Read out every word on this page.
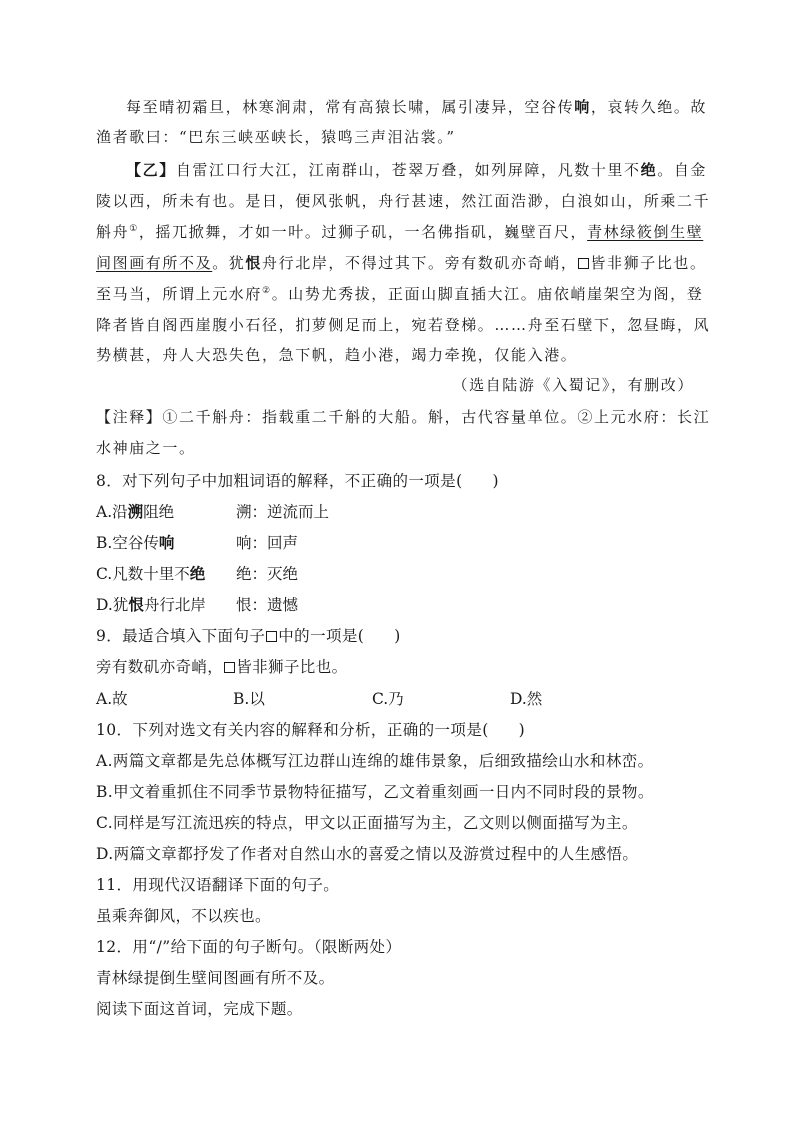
每至晴初霜旦，林寒涧肃，常有高猿长啸，属引凄异，空谷传响，哀转久绝。故
渔者歌曰：“巴东三峡巫峡长，猿鸣三声泪沾裳。”
【乙】自雷江口行大江，江南群山，苍翠万叠，如列屏障，凡数十里不绝。自金
陵以西，所未有也。是日，便风张帆，舟行甚速，然江面浩渺，白浪如山，所乘二千
斛舟①，摇兀掀舞，才如一叶。过狮子矶，一名佛指矶，巍壁百尺，青林绿筱倒生壁
间图画有所不及。犹恨舟行北岸，不得过其下。旁有数矶亦奇峭， 皆非狮子比也。
至马当，所谓上元水府②。山势尤秀拔，正面山脚直插大江。庙依峭崖架空为阁，登
降者皆自阁西崖腹小石径，扪萝侧足而上，宛若登梯。……舟至石壁下，忽昼晦，风
势横甚，舟人大恐失色，急下帆，趋小港，竭力牵挽，仅能入港。
（选自陆游《入蜀记》，有删改）
【注释】①二千斛舟：指载重二千斛的大船。斛，古代容量单位。②上元水府：长江
水神庙之一。
8．对下列句子中加粗词语的解释，不正确的一项是( )
A.沿溯阻绝	溯：逆流而上
B.空谷传响	响：回声
C.凡数十里不绝 绝：灭绝
D.犹恨舟行北岸 恨：遗憾
9．最适合填入下面句子 中的一项是( )
旁有数矶亦奇峭， 皆非狮子比也。
A.故	B.以	C.乃	D.然
10．下列对选文有关内容的解释和分析，正确的一项是( )
A.两篇文章都是先总体概写江边群山连绵的雄伟景象，后细致描绘山水和林峦。
B.甲文着重抓住不同季节景物特征描写，乙文着重刻画一日内不同时段的景物。
C.同样是写江流迅疾的特点，甲文以正面描写为主，乙文则以侧面描写为主。
D.两篇文章都抒发了作者对自然山水的喜爱之情以及游赏过程中的人生感悟。
11．用现代汉语翻译下面的句子。
虽乘奔御风，不以疾也。
12．用“/”给下面的句子断句。（限断两处）
青林绿提倒生壁间图画有所不及。
阅读下面这首词，完成下题。
